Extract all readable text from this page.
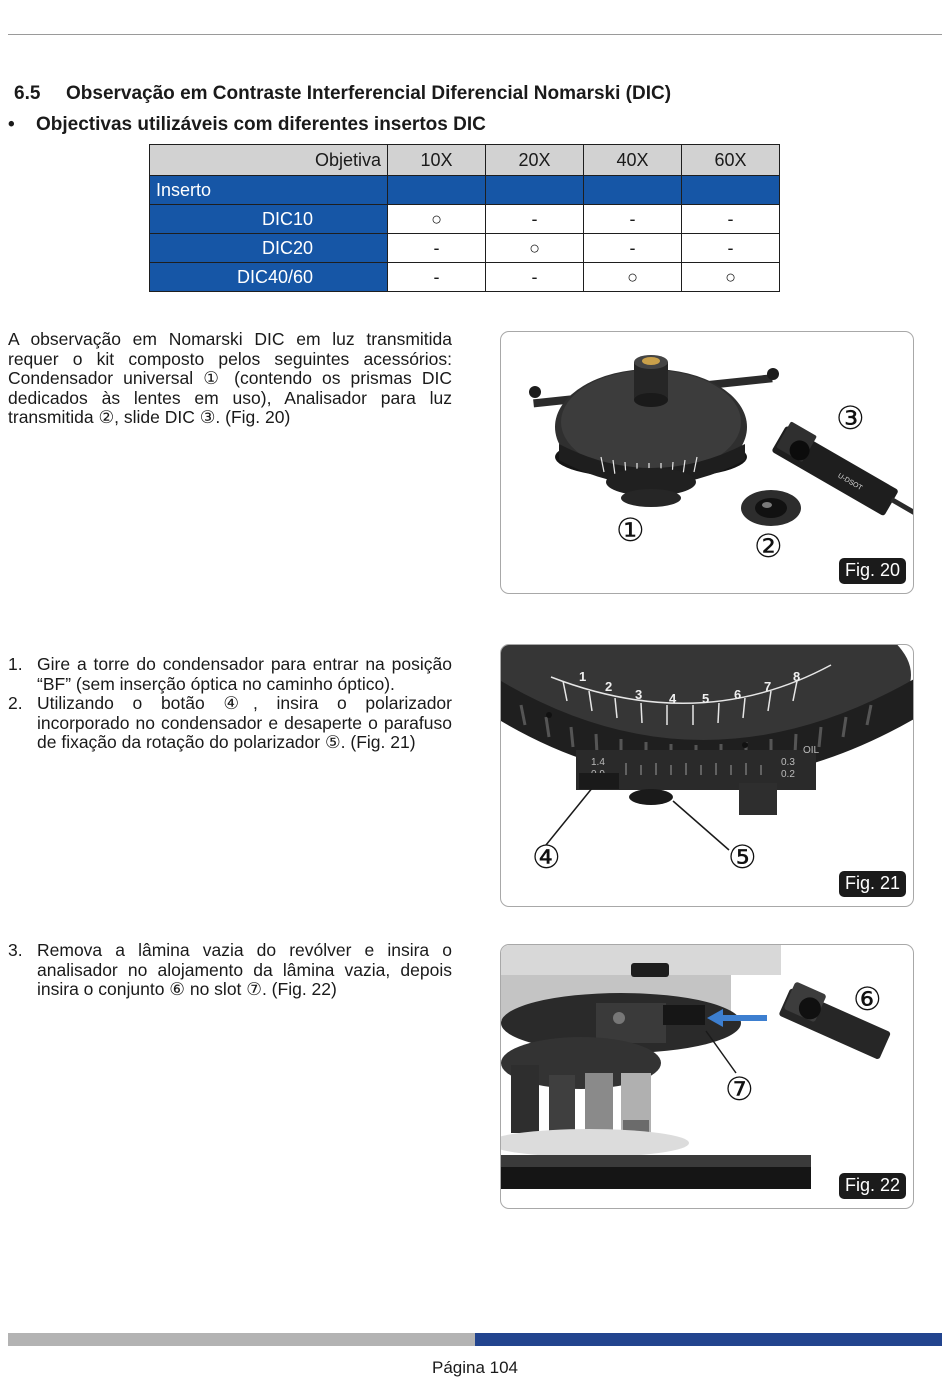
6.5 Observação em Contraste Interferencial Diferencial Nomarski (DIC)
• Objectivas utilizáveis com diferentes insertos DIC
Objetiva	10X	20X	40X	60X
Inserto				
DIC10	○	-	-	-
DIC20	-	○	-	-
DIC40/60	-	-	○	○
A observação em Nomarski DIC em luz transmitida requer o kit composto pelos seguintes acessórios: Condensador universal ① (contendo os prismas DIC dedicados às lentes em uso), Analisador para luz transmitida ②, slide DIC ③. (Fig. 20)
1. Gire a torre do condensador para entrar na posição “BF” (sem inserção óptica no caminho óptico).
2. Utilizando o botão ④, insira o polarizador incorporado no condensador e desaperte o parafuso de fixação da rotação do polarizador ⑤. (Fig. 21)
3. Remova a lâmina vazia do revólver e insira o analisador no alojamento da lâmina vazia, depois insira o conjunto ⑥ no slot ⑦. (Fig. 22)
U-DSOT
①	②
③
Fig. 20
1
2
3 4 5 6
7
8
1.4	0.3
0.2
OIL
④	⑤
Fig. 21
⑥
⑦
Fig. 22
Página 104
